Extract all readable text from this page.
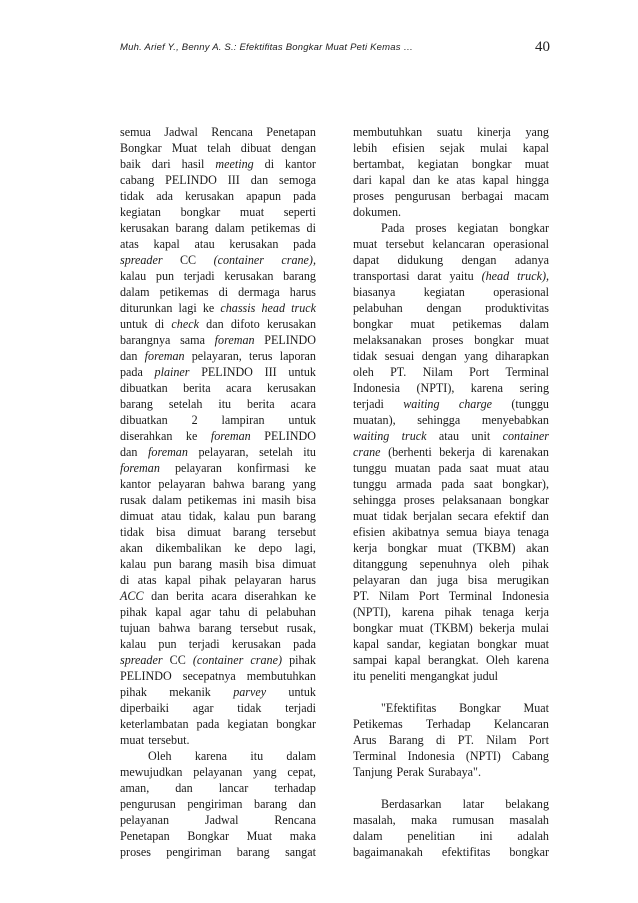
Muh. Arief Y., Benny A. S.: Efektifitas Bongkar Muat Peti Kemas …	40
semua Jadwal Rencana Penetapan
Bongkar Muat telah dibuat dengan
baik dari hasil meeting di kantor
cabang PELINDO III dan semoga
tidak ada kerusakan apapun pada
kegiatan bongkar muat seperti
kerusakan barang dalam petikemas di
atas kapal atau kerusakan pada
spreader CC (container crane),
kalau pun terjadi kerusakan barang
dalam petikemas di dermaga harus
diturunkan lagi ke chassis head truck
untuk di check dan difoto kerusakan
barangnya sama foreman PELINDO
dan foreman pelayaran, terus laporan
pada plainer PELINDO III untuk
dibuatkan berita acara kerusakan
barang setelah itu berita acara
dibuatkan 2 lampiran untuk
diserahkan ke foreman PELINDO
dan foreman pelayaran, setelah itu
foreman pelayaran konfirmasi ke
kantor pelayaran bahwa barang yang
rusak dalam petikemas ini masih bisa
dimuat atau tidak, kalau pun barang
tidak bisa dimuat barang tersebut
akan dikembalikan ke depo lagi,
kalau pun barang masih bisa dimuat
di atas kapal pihak pelayaran harus
ACC dan berita acara diserahkan ke
pihak kapal agar tahu di pelabuhan
tujuan bahwa barang tersebut rusak,
kalau pun terjadi kerusakan pada
spreader CC (container crane) pihak
PELINDO secepatnya membutuhkan
pihak mekanik parvey untuk
diperbaiki agar tidak terjadi
keterlambatan pada kegiatan bongkar
muat tersebut.
Oleh karena itu dalam
mewujudkan pelayanan yang cepat,
aman, dan lancar terhadap
pengurusan pengiriman barang dan
pelayanan	Jadwal	Rencana
Penetapan Bongkar Muat maka
proses pengiriman barang sangat
membutuhkan suatu kinerja yang
lebih efisien sejak mulai kapal
bertambat, kegiatan bongkar muat
dari kapal dan ke atas kapal hingga
proses pengurusan berbagai macam
dokumen.
Pada proses kegiatan bongkar
muat tersebut kelancaran operasional
dapat didukung dengan adanya
transportasi darat yaitu (head truck),
biasanya kegiatan operasional
pelabuhan dengan produktivitas
bongkar muat petikemas dalam
melaksanakan proses bongkar muat
tidak sesuai dengan yang diharapkan
oleh PT. Nilam Port Terminal
Indonesia (NPTI), karena sering
terjadi waiting charge (tunggu
muatan), sehingga menyebabkan
waiting truck atau unit container
crane (berhenti bekerja di karenakan
tunggu muatan pada saat muat atau
tunggu armada pada saat bongkar),
sehingga proses pelaksanaan bongkar
muat tidak berjalan secara efektif dan
efisien akibatnya semua biaya tenaga
kerja bongkar muat (TKBM) akan
ditanggung sepenuhnya oleh pihak
pelayaran dan juga bisa merugikan
PT. Nilam Port Terminal Indonesia
(NPTI), karena pihak tenaga kerja
bongkar muat (TKBM) bekerja mulai
kapal sandar, kegiatan bongkar muat
sampai kapal berangkat. Oleh karena
itu peneliti mengangkat judul
"Efektifitas Bongkar Muat
Petikemas Terhadap Kelancaran
Arus Barang di PT. Nilam Port
Terminal Indonesia (NPTI) Cabang
Tanjung Perak Surabaya".
Berdasarkan latar belakang
masalah, maka rumusan masalah
dalam penelitian ini adalah
bagaimanakah efektifitas bongkar
